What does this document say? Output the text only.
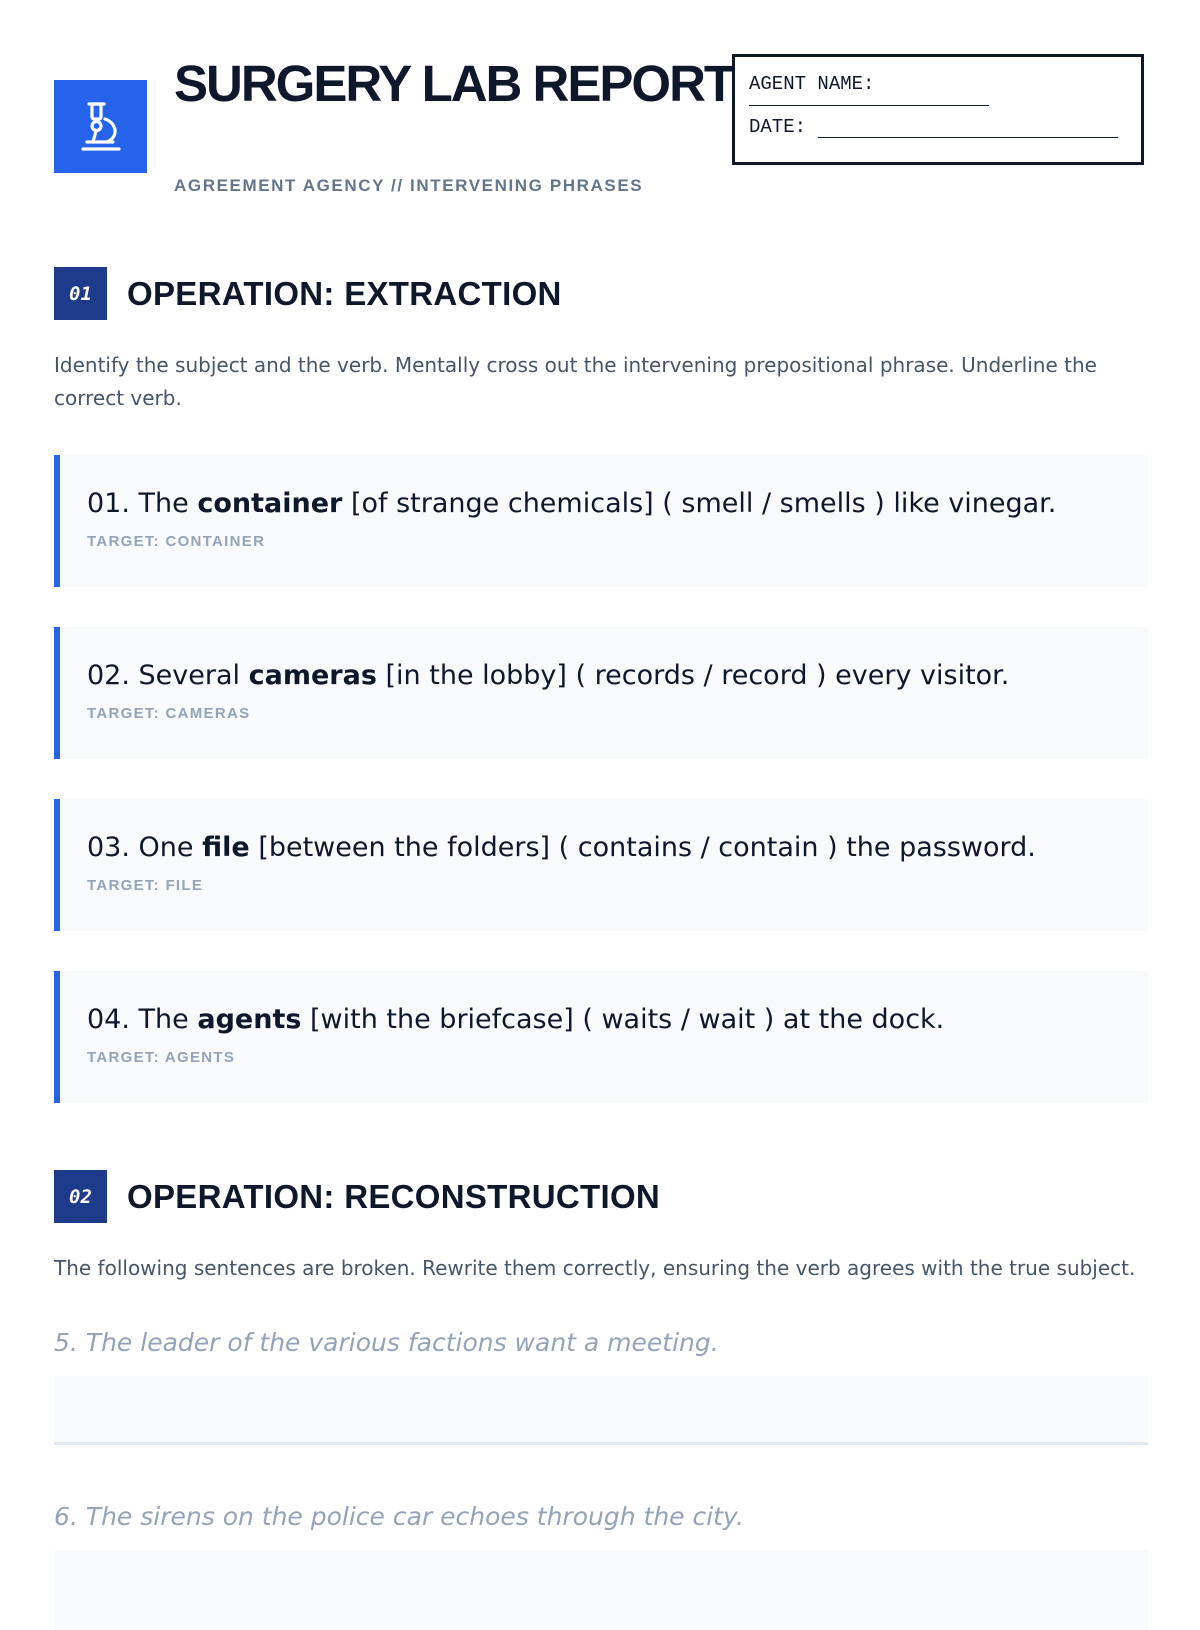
SURGERY LAB REPORT
AGREEMENT AGENCY // INTERVENING PHRASES
AGENT NAME:
DATE:
01	OPERATION: EXTRACTION

Identify the subject and the verb. Mentally cross out the intervening prepositional phrase. Underline the correct verb.

01. The container [of strange chemicals] ( smell / smells ) like vinegar.
TARGET: CONTAINER
02. Several cameras [in the lobby] ( records / record ) every visitor.
TARGET: CAMERAS
03. One file [between the folders] ( contains / contain ) the password.
TARGET: FILE
04. The agents [with the briefcase] ( waits / wait ) at the dock.
TARGET: AGENTS
02	OPERATION: RECONSTRUCTION

The following sentences are broken. Rewrite them correctly, ensuring the verb agrees with the true subject.

5. The leader of the various factions want a meeting.

6. The sirens on the police car echoes through the city.
